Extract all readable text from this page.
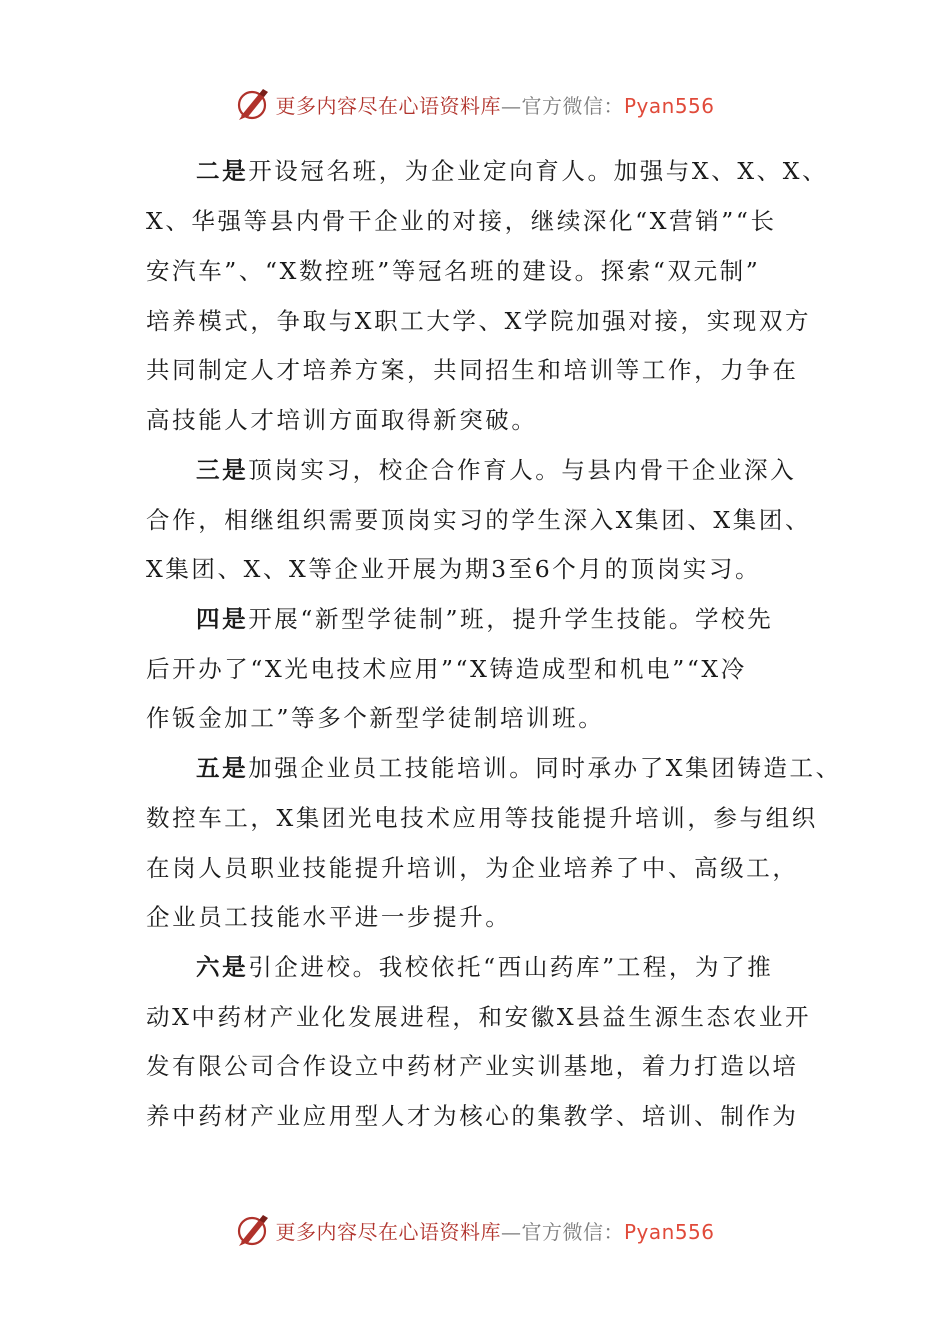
更多内容尽在心语资料库—官方微信：Pyan556
二是开设冠名班，为企业定向育人。加强与X、X、X、
X、华强等县内骨干企业的对接，继续深化“X营销”“长
安汽车”、“X数控班”等冠名班的建设。探索“双元制”
培养模式，争取与X职工大学、X学院加强对接，实现双方
共同制定人才培养方案，共同招生和培训等工作，力争在
高技能人才培训方面取得新突破。
三是顶岗实习，校企合作育人。与县内骨干企业深入
合作，相继组织需要顶岗实习的学生深入X集团、X集团、
X集团、X、X等企业开展为期3至6个月的顶岗实习。
四是开展“新型学徒制”班，提升学生技能。学校先
后开办了“X光电技术应用”“X铸造成型和机电”“X冷
作钣金加工”等多个新型学徒制培训班。
五是加强企业员工技能培训。同时承办了X集团铸造工、
数控车工，X集团光电技术应用等技能提升培训，参与组织
在岗人员职业技能提升培训，为企业培养了中、高级工，
企业员工技能水平进一步提升。
六是引企进校。我校依托“西山药库”工程，为了推
动X中药材产业化发展进程，和安徽X县益生源生态农业开
发有限公司合作设立中药材产业实训基地，着力打造以培
养中药材产业应用型人才为核心的集教学、培训、制作为
更多内容尽在心语资料库—官方微信：Pyan556
